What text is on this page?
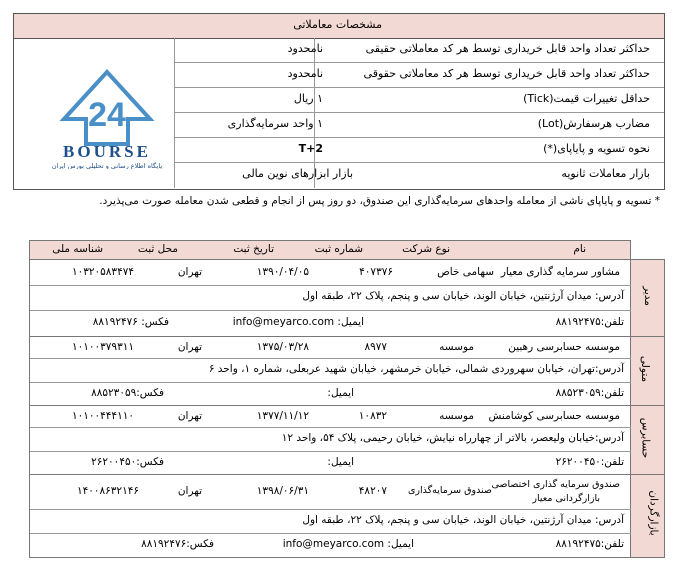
مشخصات معاملاتی
24
BOURSE
پایگاه اطلاع رسانی و تحلیلی بورس ایران
حداکثر تعداد واحد قابل خریداری توسط هر کد معاملاتی حقیقی
نامحدود
حداکثر تعداد واحد قابل خریداری توسط هر کد معاملاتی حقوقی
نامحدود
حداقل تغییرات قیمت(Tick)
۱ ریال
مضارب هرسفارش(Lot)
۱ واحد سرمایه‌گذاری
نحوه تسویه و پایاپای(*)
T+2
بازار معاملات ثانویه
بازار ابزارهای نوین مالی
* تسویه و پایاپای ناشی از معامله واحدهای سرمایه‌گذاری این صندوق، دو روز پس از انجام و قطعی شدن معامله صورت می‌پذیرد.
نام
نوع شرکت
شماره ثبت
تاریخ ثبت
محل ثبت
شناسه ملی
مدیر
مشاور سرمایه گذاری معیار
سهامی خاص
۴۰۷۳۷۶
۱۳۹۰/۰۴/۰۵
تهران
۱۰۳۲۰۵۸۳۴۷۴
آدرس: میدان آرژنتین، خیابان الوند، خیابان سی و پنجم، پلاک ۲۲، طبقه اول
تلفن:۸۸۱۹۲۴۷۵
ایمیل: info@meyarco.com
فکس: ۸۸۱۹۲۴۷۶
متولی
موسسه حسابرسی رهبین
موسسه
۸۹۷۷
۱۳۷۵/۰۳/۲۸
تهران
۱۰۱۰۰۳۷۹۳۱۱
آدرس:تهران، خیابان سهروردی شمالی، خیابان خرمشهر، خیابان شهید عربعلی، شماره ۱، واحد ۶
تلفن:۸۸۵۲۳۰۵۹
ایمیل:
فکس:۸۸۵۲۳۰۵۹
حسابرس
موسسه حسابرسی کوشامنش
موسسه
۱۰۸۳۲
۱۳۷۷/۱۱/۱۲
تهران
۱۰۱۰۰۴۴۴۱۱۰
آدرس:خیابان ولیعصر، بالاتر از چهارراه نیایش، خیابان رحیمی، پلاک ۵۴، واحد ۱۲
تلفن:۲۶۲۰۰۴۵۰
ایمیل:
فکس:۲۶۲۰۰۴۵۰
بازارگردان
صندوق سرمایه گذاری اختصاصی
بازارگردانی معیار
صندوق سرمایه‌گذاری
۴۸۲۰۷
۱۳۹۸/۰۶/۳۱
تهران
۱۴۰۰۸۶۳۲۱۴۶
آدرس: میدان آرژنتین، خیابان الوند، خیابان سی و پنجم، پلاک ۲۲، طبقه اول
تلفن:۸۸۱۹۲۴۷۵
ایمیل: info@meyarco.com
فکس:۸۸۱۹۲۴۷۶
